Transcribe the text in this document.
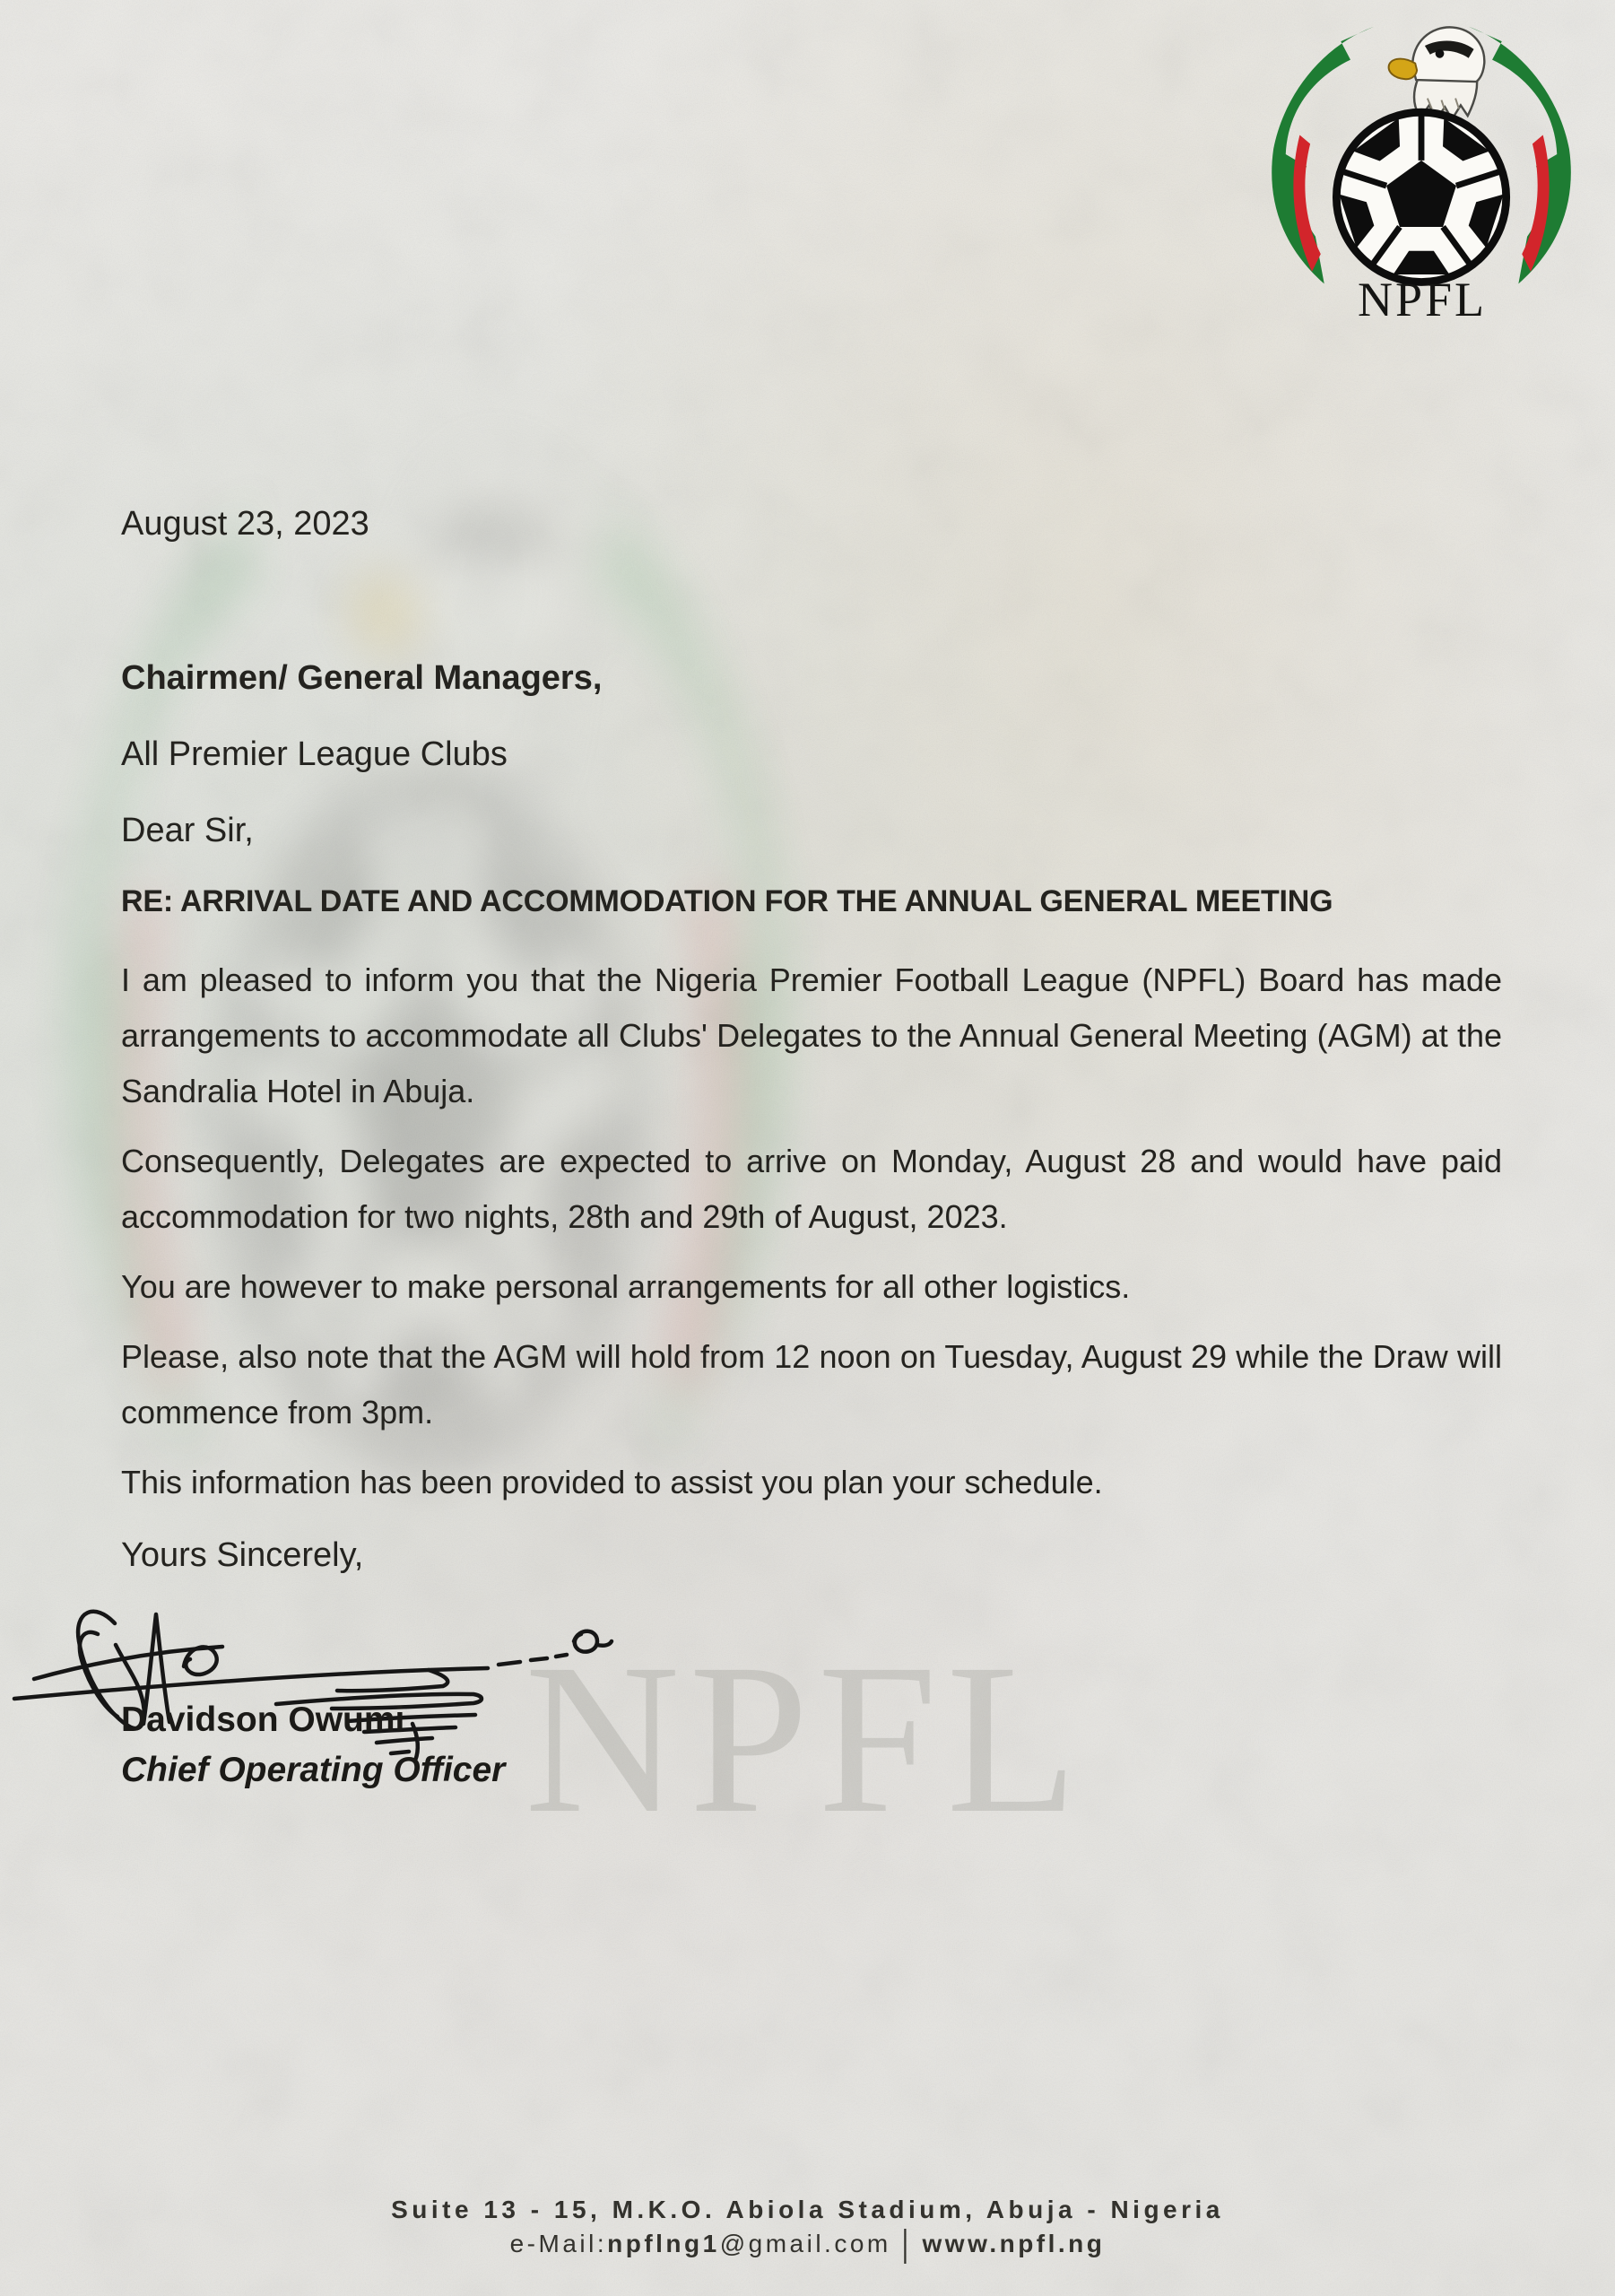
NPFL
NPFL
August 23, 2023
Chairmen/ General Managers,
All Premier League Clubs
Dear Sir,
RE: ARRIVAL DATE AND ACCOMMODATION FOR THE ANNUAL GENERAL MEETING

I am pleased to inform you that the Nigeria Premier Football League (NPFL) Board has made arrangements to accommodate all Clubs' Delegates to the Annual General Meeting (AGM) at the Sandralia Hotel in Abuja.

Consequently, Delegates are expected to arrive on Monday, August 28 and would have paid accommodation for two nights, 28th and 29th of August, 2023.

You are however to make personal arrangements for all other logistics.

Please, also note that the AGM will hold from 12 noon on Tuesday, August 29 while the Draw will commence from 3pm.

This information has been provided to assist you plan your schedule.

Yours Sincerely,
Davidson Owumi
Chief Operating Officer
Suite 13 - 15, M.K.O. Abiola Stadium, Abuja - Nigeria
e-Mail:npflng1@gmail.com | www.npfl.ng
